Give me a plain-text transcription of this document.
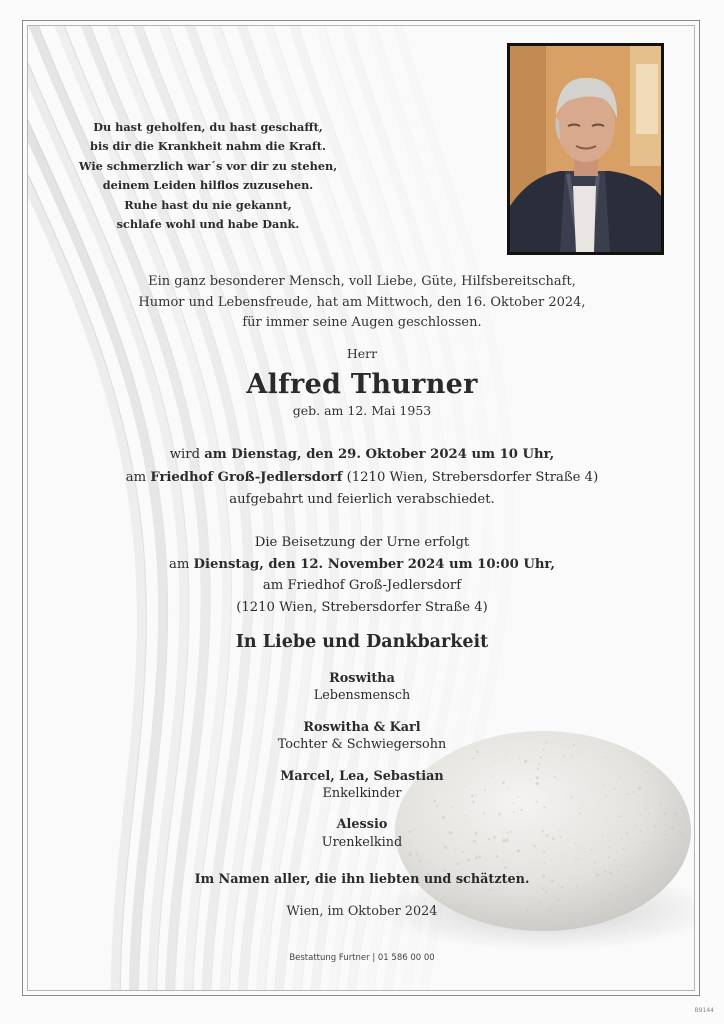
Du hast geholfen, du hast geschafft,
bis dir die Krankheit nahm die Kraft.
Wie schmerzlich war´s vor dir zu stehen,
deinem Leiden hilflos zuzusehen.
Ruhe hast du nie gekannt,
schlafe wohl und habe Dank.
Ein ganz besonderer Mensch, voll Liebe, Güte, Hilfsbereitschaft,
Humor und Lebensfreude, hat am Mittwoch, den 16. Oktober 2024,
für immer seine Augen geschlossen.
Herr
Alfred Thurner
geb. am 12. Mai 1953
wird am Dienstag, den 29. Oktober 2024 um 10 Uhr,
am Friedhof Groß-Jedlersdorf (1210 Wien, Strebersdorfer Straße 4)
aufgebahrt und feierlich verabschiedet.
Die Beisetzung der Urne erfolgt
am Dienstag, den 12. November 2024 um 10:00 Uhr,
am Friedhof Groß-Jedlersdorf
(1210 Wien, Strebersdorfer Straße 4)
In Liebe und Dankbarkeit
Roswitha
Lebensmensch
Roswitha & Karl
Tochter & Schwiegersohn
Marcel, Lea, Sebastian
Enkelkinder
Alessio
Urenkelkind
Im Namen aller, die ihn liebten und schätzten.
Wien, im Oktober 2024
Bestattung Furtner | 01 586 00 00
B9144
